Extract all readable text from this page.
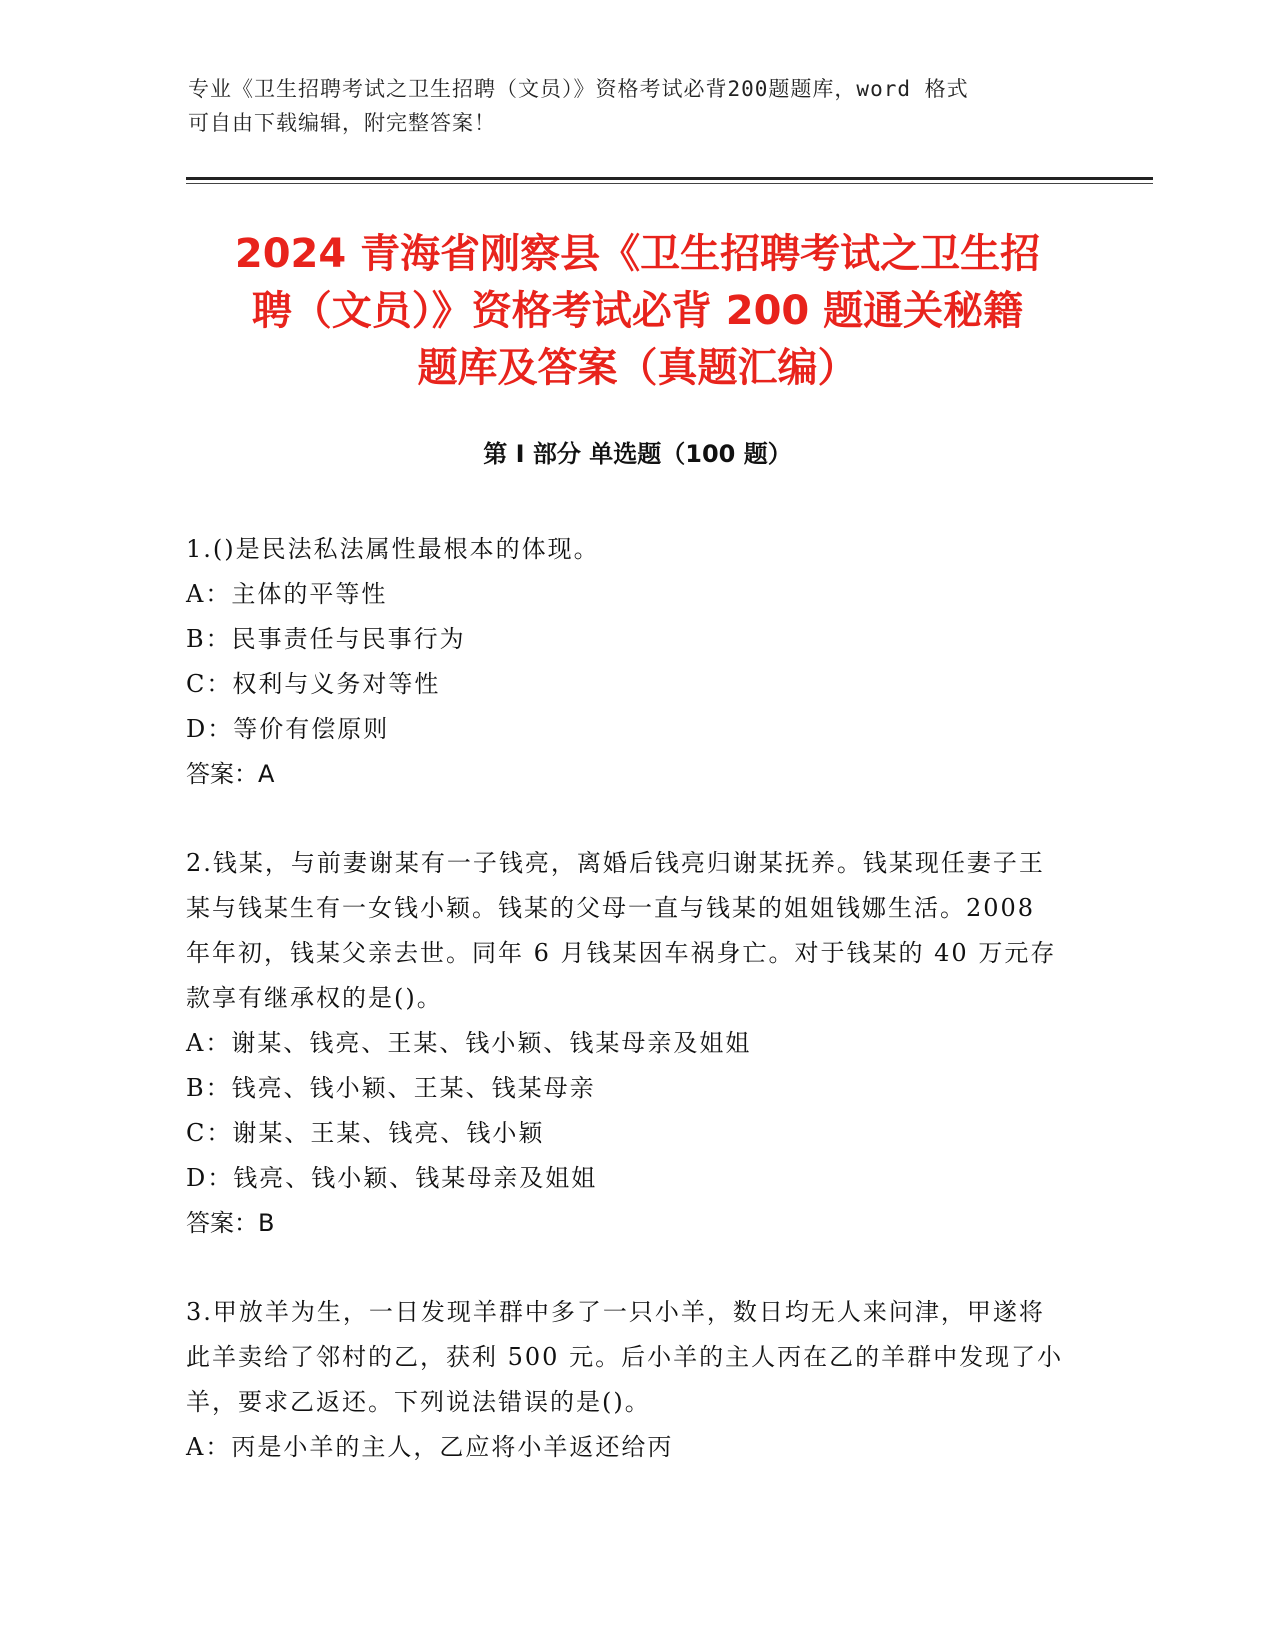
专业《卫生招聘考试之卫生招聘（文员）》资格考试必背200题题库，word 格式
可自由下载编辑，附完整答案！
2024 青海省刚察县《卫生招聘考试之卫生招
聘（文员）》资格考试必背 200 题通关秘籍
题库及答案（真题汇编）
第 I 部分 单选题（100 题）

1.()是民法私法属性最根本的体现。

A：主体的平等性
B：民事责任与民事行为
C：权利与义务对等性
D：等价有偿原则
答案：A

2.钱某，与前妻谢某有一子钱亮，离婚后钱亮归谢某抚养。钱某现任妻子王某与钱某生有一女钱小颖。钱某的父母一直与钱某的姐姐钱娜生活。2008 年年初，钱某父亲去世。同年 6 月钱某因车祸身亡。对于钱某的 40 万元存款享有继承权的是()。

A：谢某、钱亮、王某、钱小颖、钱某母亲及姐姐
B：钱亮、钱小颖、王某、钱某母亲
C：谢某、王某、钱亮、钱小颖
D：钱亮、钱小颖、钱某母亲及姐姐
答案：B

3.甲放羊为生，一日发现羊群中多了一只小羊，数日均无人来问津，甲遂将此羊卖给了邻村的乙，获利 500 元。后小羊的主人丙在乙的羊群中发现了小羊，要求乙返还。下列说法错误的是()。

A：丙是小羊的主人，乙应将小羊返还给丙
